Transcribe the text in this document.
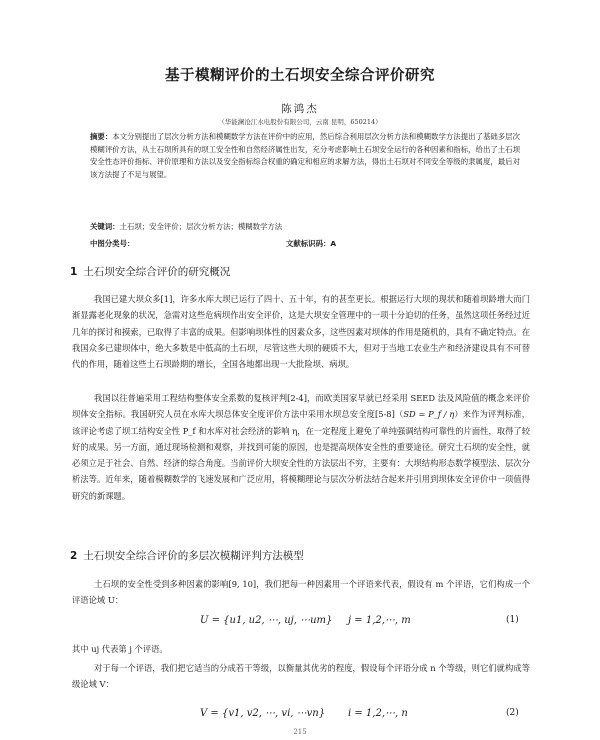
基于模糊评价的土石坝安全综合评价研究
陈鸿杰
（华能澜沧江水电股份有限公司，云南 昆明，650214）

摘要：本文分别提出了层次分析方法和模糊数学方法在评价中的应用，然后综合利用层次分析方法和模糊数学方法提出了基础多层次模糊评价方法，从土石坝所具有的坝工安全性和自然经济属性出发，充分考虑影响土石坝安全运行的各种因素和指标，给出了土石坝安全性态评价指标、评价原理和方法以及安全指标综合权重的确定和相应的求解方法，得出土石坝对不同安全等级的隶属度，最后对该方法提了不足与展望。

关键词：土石坝；安全评价；层次分析方法；模糊数学方法
中图分类号：	文献标识码：A
1 土石坝安全综合评价的研究概况

我国已建大坝众多[1]，许多水库大坝已运行了四十、五十年，有的甚至更长。根据运行大坝的现状和随着坝龄增大而门渐显露老化现象的状况，急需对这些危病坝作出安全评价，这是大坝安全管理中的一项十分迫切的任务，虽然这项任务经过近几年的探讨和摸索，已取得了丰富的成果。但影响坝体性的因素众多，这些因素对坝体的作用是随机的，具有不确定特点。在我国众多已建坝体中，绝大多数是中低高的土石坝，尽管这些大坝的硬质不大，但对于当地工农业生产和经济建设具有不可替代的作用，随着这些土石坝龄期的增长，全国各地都出现一大批险坝、病坝。

我国以往普遍采用工程结构整体安全系数的复核评判[2-4]，而欧美国家早就已经采用 SEED 法及风险值的概念来评价坝体安全指标。我国研究人员在水库大坝总体安全度评价方法中采用水坝总安全度[5-8]（SD = P_f / η）来作为评判标准，该评论考虑了坝工结构安全性 P_f 和水库对社会经济的影响 η，在一定程度上避免了单纯强调结构可靠性的片面性，取得了较好的成果。另一方面，通过现场检测和观察，并找到可能的原因，也是提高坝体安全性的重要途径。研究土石坝的安全性，就必须立足于社会、自然、经济的综合角度。当前评价大坝安全性的方法层出不穷，主要有：大坝结构形态数学模型法、层次分析法等。近年来，随着模糊数学的飞速发展和广泛应用，将模糊理论与层次分析法结合起来并引用到坝体安全评价中一项值得研究的新课题。

2 土石坝安全综合评价的多层次模糊评判方法模型

土石坝的安全性受到多种因素的影响[9, 10]，我们把每一种因素用一个评语来代表，假设有 m 个评语，它们构成一个评语论域 U：

U = {u1, u2, ⋯, uj, ⋯um} j = 1,2,⋯, m	(1)

其中 uj 代表第 j 个评语。

对于每一个评语，我们把它适当的分成若干等级，以衡量其优劣的程度，假设每个评语分成 n 个等级，则它们就构成等级论域 V：

V = {v1, v2, ⋯, vi, ⋯vn} i = 1,2,⋯, n	(2)
215
